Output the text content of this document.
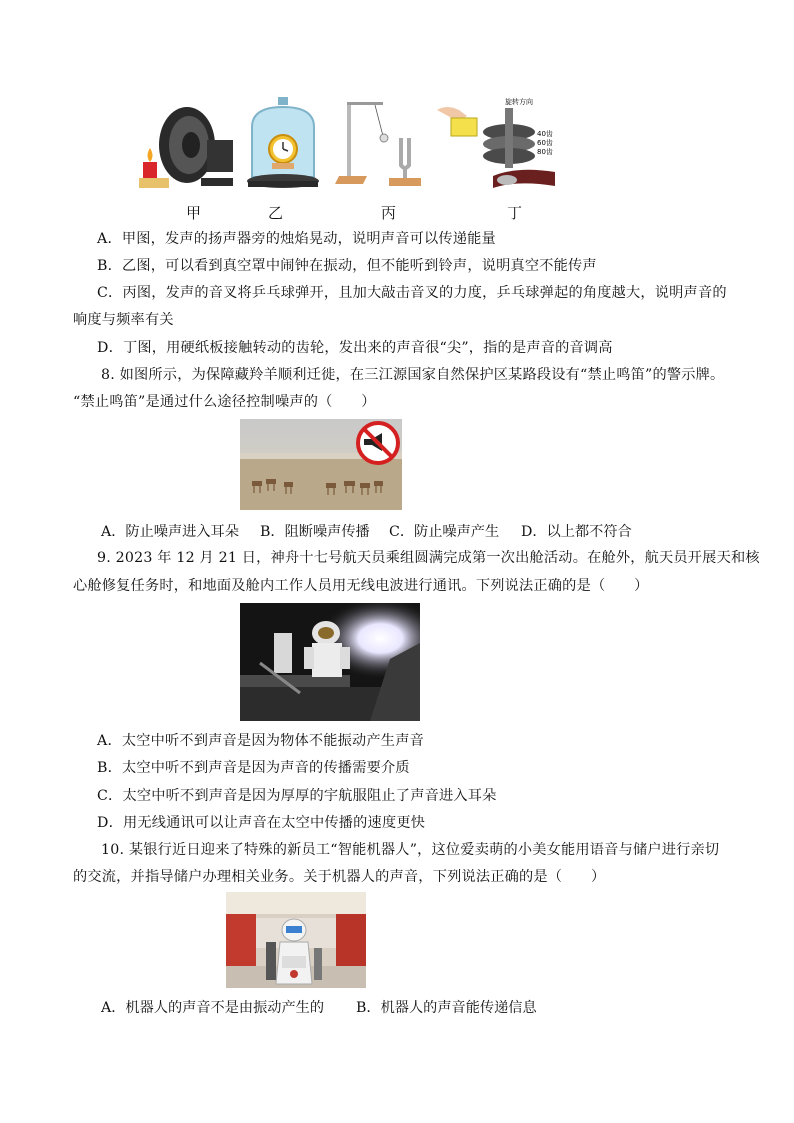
旋转方向
40齿
60齿
80齿
甲	乙	丙	丁
A．甲图，发声的扬声器旁的烛焰晃动，说明声音可以传递能量
B．乙图，可以看到真空罩中闹钟在振动，但不能听到铃声，说明真空不能传声
C．丙图，发声的音叉将乒乓球弹开，且加大敲击音叉的力度，乒乓球弹起的角度越大，说明声音的
响度与频率有关
D．丁图，用硬纸板接触转动的齿轮，发出来的声音很“尖”，指的是声音的音调高
8. 如图所示，为保障藏羚羊顺利迁徙，在三江源国家自然保护区某路段设有“禁止鸣笛”的警示牌。
“禁止鸣笛”是通过什么途径控制噪声的（　　）
A．防止噪声进入耳朵 B．阻断噪声传播 C．防止噪声产生 D．以上都不符合
9. 2023 年 12 月 21 日，神舟十七号航天员乘组圆满完成第一次出舱活动。在舱外，航天员开展天和核
心舱修复任务时，和地面及舱内工作人员用无线电波进行通讯。下列说法正确的是（　　）
A．太空中听不到声音是因为物体不能振动产生声音
B．太空中听不到声音是因为声音的传播需要介质
C．太空中听不到声音是因为厚厚的宇航服阻止了声音进入耳朵
D．用无线通讯可以让声音在太空中传播的速度更快
10. 某银行近日迎来了特殊的新员工“智能机器人”，这位爱卖萌的小美女能用语音与储户进行亲切
的交流，并指导储户办理相关业务。关于机器人的声音，下列说法正确的是（　　）
A．机器人的声音不是由振动产生的 B．机器人的声音能传递信息
